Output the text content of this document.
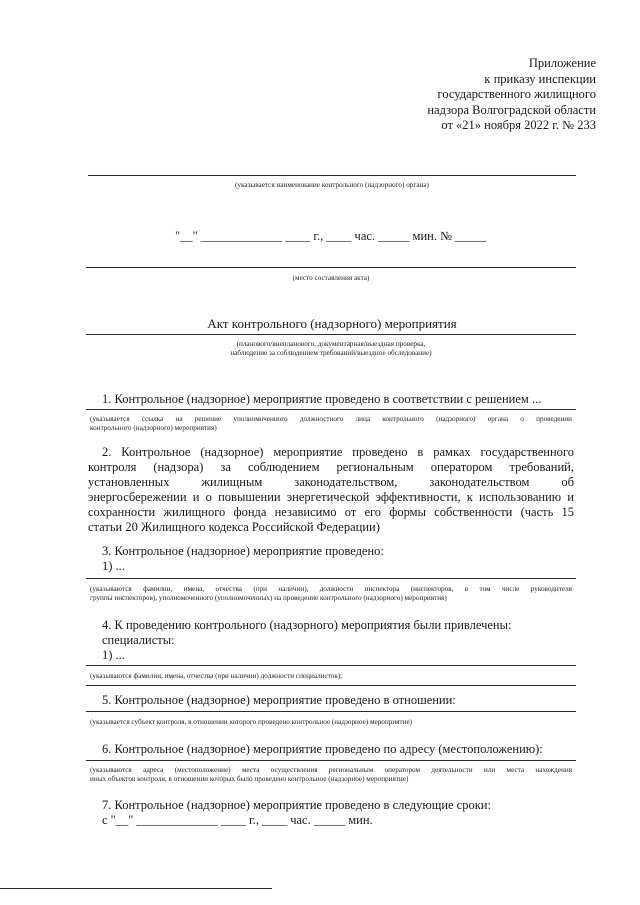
Приложение
к приказу инспекции
государственного жилищного
надзора Волгоградской области
от «21» ноября 2022 г. № 233
(указывается наименование контрольного (надзорного) органа)
"__" _____________ ____ г., ____ час. _____ мин. № _____
(место составления акта)
Акт контрольного (надзорного) мероприятия
(планового/внепланового, документарная/выездная проверка,
наблюдение за соблюдением требований/выездное обследование)
1. Контрольное (надзорное) мероприятие проведено в соответствии с решением ...
(указывается ссылка на решение уполномоченного должностного лица контрольного (надзорного) органа о проведении
контрольного (надзорного) мероприятия)
2. Контрольное (надзорное) мероприятие проведено в рамках государственного
контроля (надзора) за соблюдением региональным оператором требований,
установленных жилищным законодательством, законодательством об
энергосбережении и о повышении энергетической эффективности, к использованию и
сохранности жилищного фонда независимо от его формы собственности (часть 15
статьи 20 Жилищного кодекса Российской Федерации)
3. Контрольное (надзорное) мероприятие проведено:
1) ...
(указываются фамилии, имена, отчества (при наличии), должности инспектора (инспекторов, в том числе руководителя
группы инспекторов), уполномоченного (уполномоченных) на проведение контрольного (надзорного) мероприятия)
4. К проведению контрольного (надзорного) мероприятия были привлечены:
специалисты:
1) ...
(указываются фамилии, имена, отчества (при наличии) должности специалистов);
5. Контрольное (надзорное) мероприятие проведено в отношении:
(указывается субъект контроля, в отношении которого проведено контрольное (надзорное) мероприятие)
6. Контрольное (надзорное) мероприятие проведено по адресу (местоположению):
(указываются адреса (местоположение) места осуществления региональным оператором деятельности или места нахождения
иных объектов контроля, в отношении которых было проведено контрольное (надзорное) мероприятие)
7. Контрольное (надзорное) мероприятие проведено в следующие сроки:
с "__" _____________ ____ г., ____ час. _____ мин.
